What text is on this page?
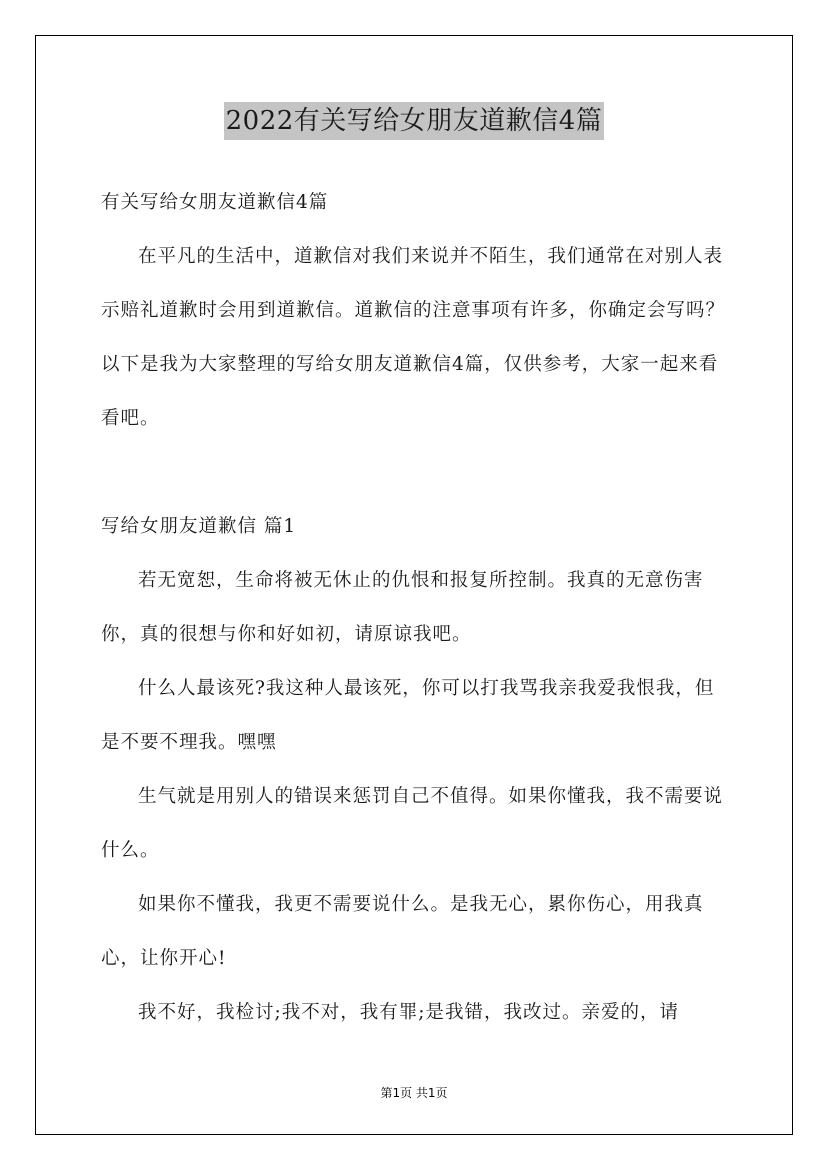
2022有关写给女朋友道歉信4篇

有关写给女朋友道歉信4篇

在平凡的生活中，道歉信对我们来说并不陌生，我们通常在对别人表示赔礼道歉时会用到道歉信。道歉信的注意事项有许多，你确定会写吗？以下是我为大家整理的写给女朋友道歉信4篇，仅供参考，大家一起来看看吧。

写给女朋友道歉信 篇1

若无宽恕，生命将被无休止的仇恨和报复所控制。我真的无意伤害你，真的很想与你和好如初，请原谅我吧。

什么人最该死?我这种人最该死，你可以打我骂我亲我爱我恨我，但是不要不理我。嘿嘿

生气就是用别人的错误来惩罚自己不值得。如果你懂我，我不需要说什么。

如果你不懂我，我更不需要说什么。是我无心，累你伤心，用我真心，让你开心!

我不好，我检讨;我不对，我有罪;是我错，我改过。亲爱的，请

第1页 共1页
